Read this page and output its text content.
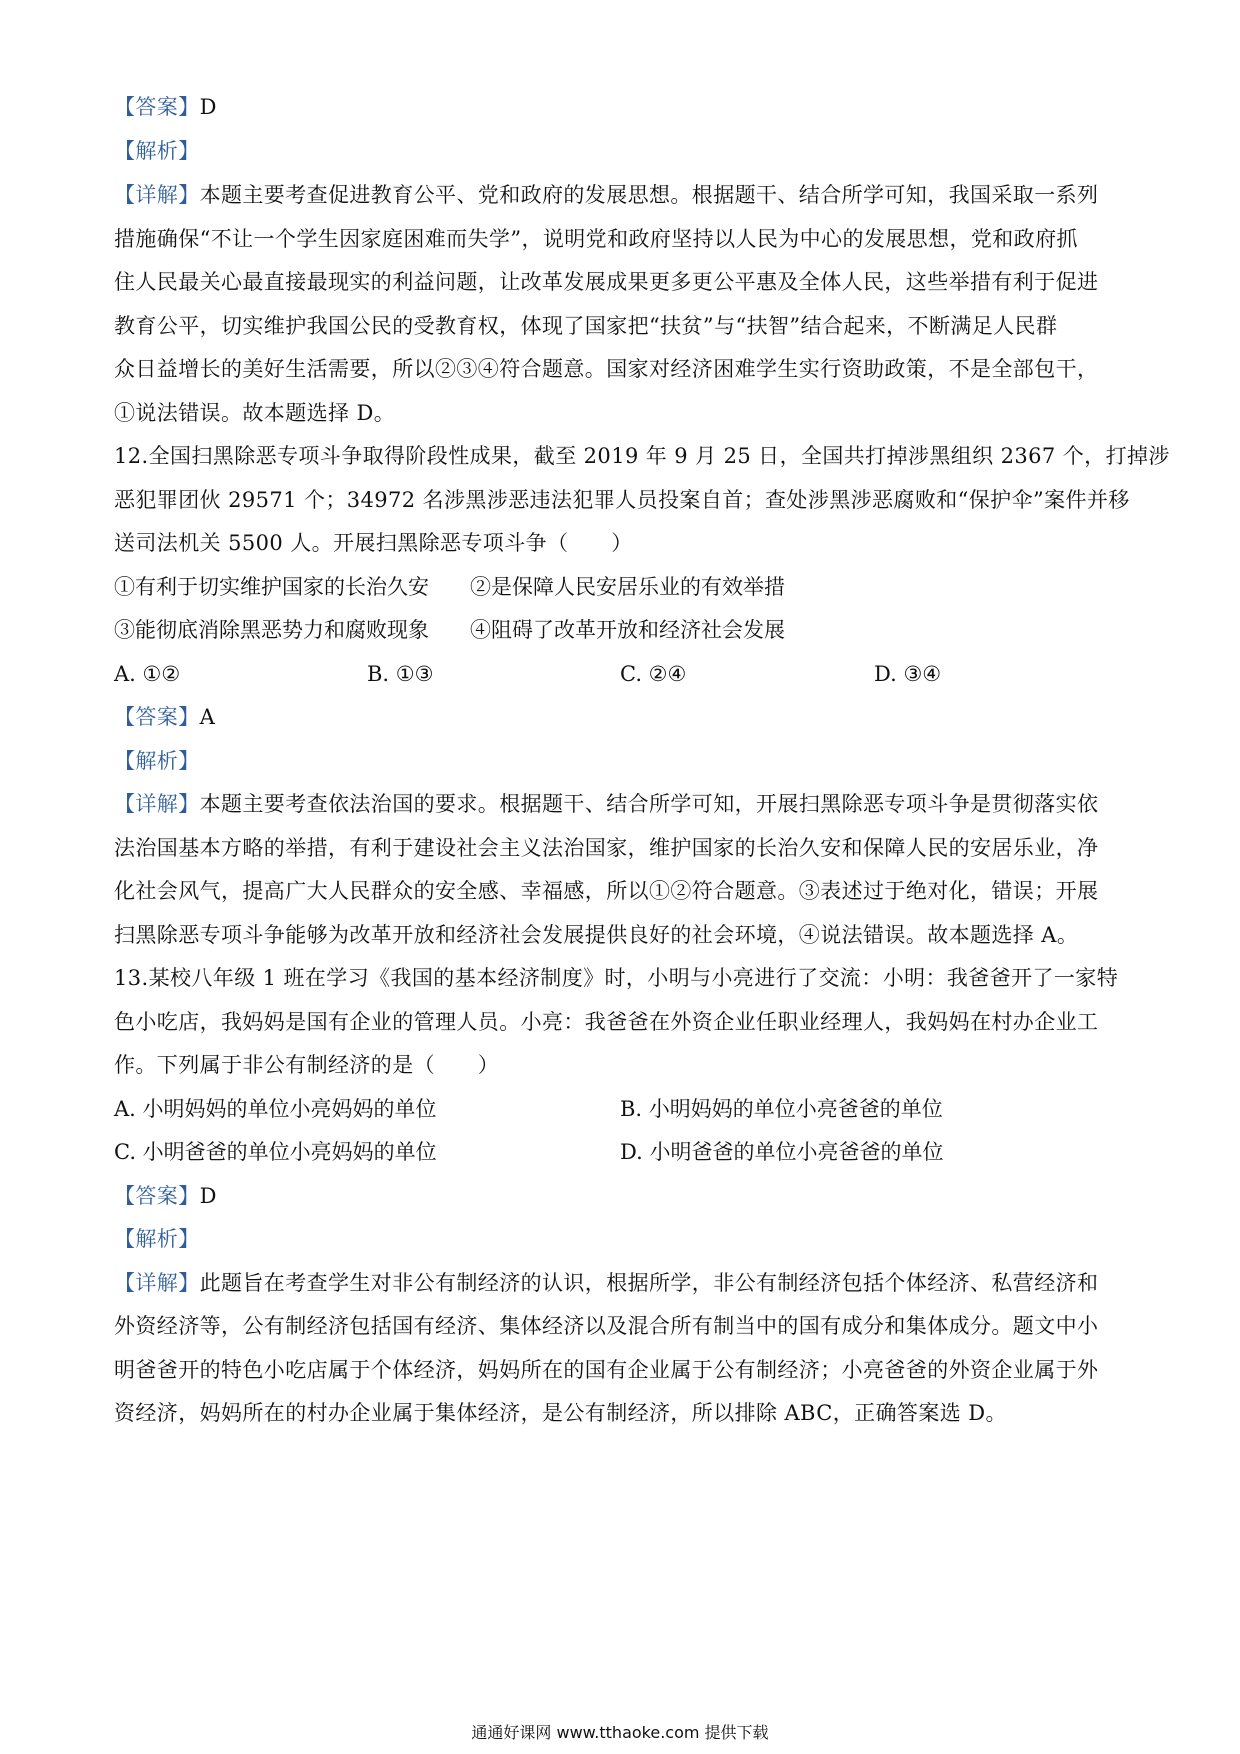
【答案】D
【解析】
【详解】本题主要考查促进教育公平、党和政府的发展思想。根据题干、结合所学可知，我国采取一系列
措施确保“不让一个学生因家庭困难而失学”，说明党和政府坚持以人民为中心的发展思想，党和政府抓
住人民最关心最直接最现实的利益问题，让改革发展成果更多更公平惠及全体人民，这些举措有利于促进
教育公平，切实维护我国公民的受教育权，体现了国家把“扶贫”与“扶智”结合起来，不断满足人民群
众日益增长的美好生活需要，所以②③④符合题意。国家对经济困难学生实行资助政策，不是全部包干，
①说法错误。故本题选择 D。
12.全国扫黑除恶专项斗争取得阶段性成果，截至 2019 年 9 月 25 日，全国共打掉涉黑组织 2367 个，打掉涉
恶犯罪团伙 29571 个；34972 名涉黑涉恶违法犯罪人员投案自首；查处涉黑涉恶腐败和“保护伞”案件并移
送司法机关 5500 人。开展扫黑除恶专项斗争（　　）
①有利于切实维护国家的长治久安 ②是保障人民安居乐业的有效举措
③能彻底消除黑恶势力和腐败现象 ④阻碍了改革开放和经济社会发展
A. ①②	B. ①③	C. ②④	D. ③④
【答案】A
【解析】
【详解】本题主要考查依法治国的要求。根据题干、结合所学可知，开展扫黑除恶专项斗争是贯彻落实依
法治国基本方略的举措，有利于建设社会主义法治国家，维护国家的长治久安和保障人民的安居乐业，净
化社会风气，提高广大人民群众的安全感、幸福感，所以①②符合题意。③表述过于绝对化，错误；开展
扫黑除恶专项斗争能够为改革开放和经济社会发展提供良好的社会环境，④说法错误。故本题选择 A。
13.某校八年级 1 班在学习《我国的基本经济制度》时，小明与小亮进行了交流：小明：我爸爸开了一家特
色小吃店，我妈妈是国有企业的管理人员。小亮：我爸爸在外资企业任职业经理人，我妈妈在村办企业工
作。下列属于非公有制经济的是（　　）
A. 小明妈妈的单位小亮妈妈的单位	B. 小明妈妈的单位小亮爸爸的单位
C. 小明爸爸的单位小亮妈妈的单位	D. 小明爸爸的单位小亮爸爸的单位
【答案】D
【解析】
【详解】此题旨在考查学生对非公有制经济的认识，根据所学，非公有制经济包括个体经济、私营经济和
外资经济等，公有制经济包括国有经济、集体经济以及混合所有制当中的国有成分和集体成分。题文中小
明爸爸开的特色小吃店属于个体经济，妈妈所在的国有企业属于公有制经济；小亮爸爸的外资企业属于外
资经济，妈妈所在的村办企业属于集体经济，是公有制经济，所以排除 ABC，正确答案选 D。
通通好课网 www.tthaoke.com 提供下载
